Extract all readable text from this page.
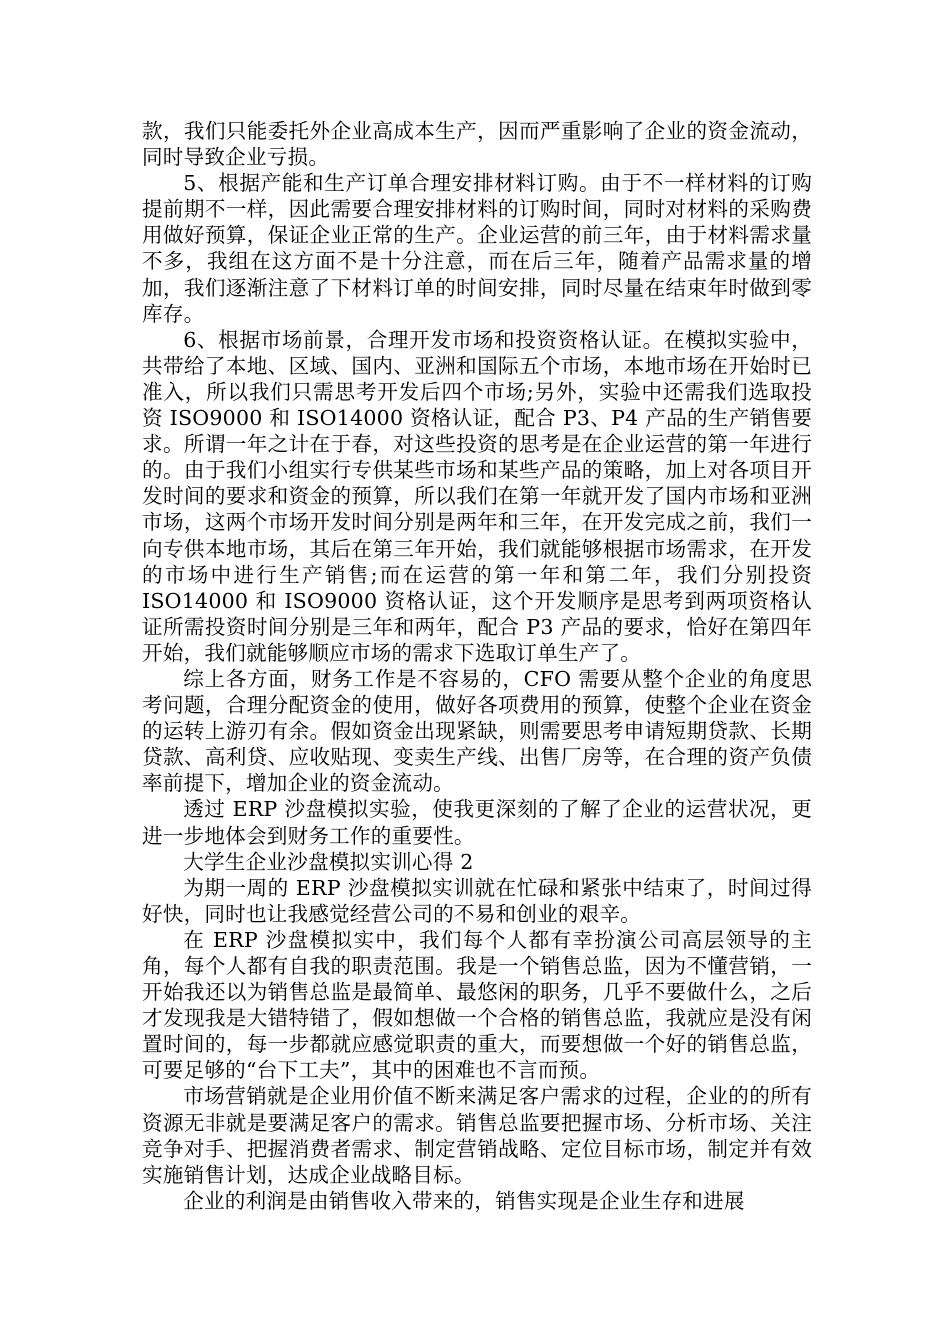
款，我们只能委托外企业高成本生产，因而严重影响了企业的资金流动，同时导致企业亏损。

5、根据产能和生产订单合理安排材料订购。由于不一样材料的订购提前期不一样，因此需要合理安排材料的订购时间，同时对材料的采购费用做好预算，保证企业正常的生产。企业运营的前三年，由于材料需求量不多，我组在这方面不是十分注意，而在后三年，随着产品需求量的增加，我们逐渐注意了下材料订单的时间安排，同时尽量在结束年时做到零库存。

6、根据市场前景，合理开发市场和投资资格认证。在模拟实验中，共带给了本地、区域、国内、亚洲和国际五个市场，本地市场在开始时已准入，所以我们只需思考开发后四个市场;另外，实验中还需我们选取投资 ISO9000 和 ISO14000 资格认证，配合 P3、P4 产品的生产销售要求。所谓一年之计在于春，对这些投资的思考是在企业运营的第一年进行的。由于我们小组实行专供某些市场和某些产品的策略，加上对各项目开发时间的要求和资金的预算，所以我们在第一年就开发了国内市场和亚洲市场，这两个市场开发时间分别是两年和三年，在开发完成之前，我们一向专供本地市场，其后在第三年开始，我们就能够根据市场需求，在开发的市场中进行生产销售;而在运营的第一年和第二年，我们分别投资 ISO14000 和 ISO9000 资格认证，这个开发顺序是思考到两项资格认证所需投资时间分别是三年和两年，配合 P3 产品的要求，恰好在第四年开始，我们就能够顺应市场的需求下选取订单生产了。

综上各方面，财务工作是不容易的，CFO 需要从整个企业的角度思考问题，合理分配资金的使用，做好各项费用的预算，使整个企业在资金的运转上游刃有余。假如资金出现紧缺，则需要思考申请短期贷款、长期贷款、高利贷、应收贴现、变卖生产线、出售厂房等，在合理的资产负债率前提下，增加企业的资金流动。

透过 ERP 沙盘模拟实验，使我更深刻的了解了企业的运营状况，更进一步地体会到财务工作的重要性。

大学生企业沙盘模拟实训心得 2

为期一周的 ERP 沙盘模拟实训就在忙碌和紧张中结束了，时间过得好快，同时也让我感觉经营公司的不易和创业的艰辛。

在 ERP 沙盘模拟实中，我们每个人都有幸扮演公司高层领导的主角，每个人都有自我的职责范围。我是一个销售总监，因为不懂营销，一开始我还以为销售总监是最简单、最悠闲的职务，几乎不要做什么，之后才发现我是大错特错了，假如想做一个合格的销售总监，我就应是没有闲置时间的，每一步都就应感觉职责的重大，而要想做一个好的销售总监，可要足够的“台下工夫”，其中的困难也不言而预。

市场营销就是企业用价值不断来满足客户需求的过程，企业的的所有资源无非就是要满足客户的需求。销售总监要把握市场、分析市场、关注竞争对手、把握消费者需求、制定营销战略、定位目标市场，制定并有效实施销售计划，达成企业战略目标。

企业的利润是由销售收入带来的，销售实现是企业生存和进展
